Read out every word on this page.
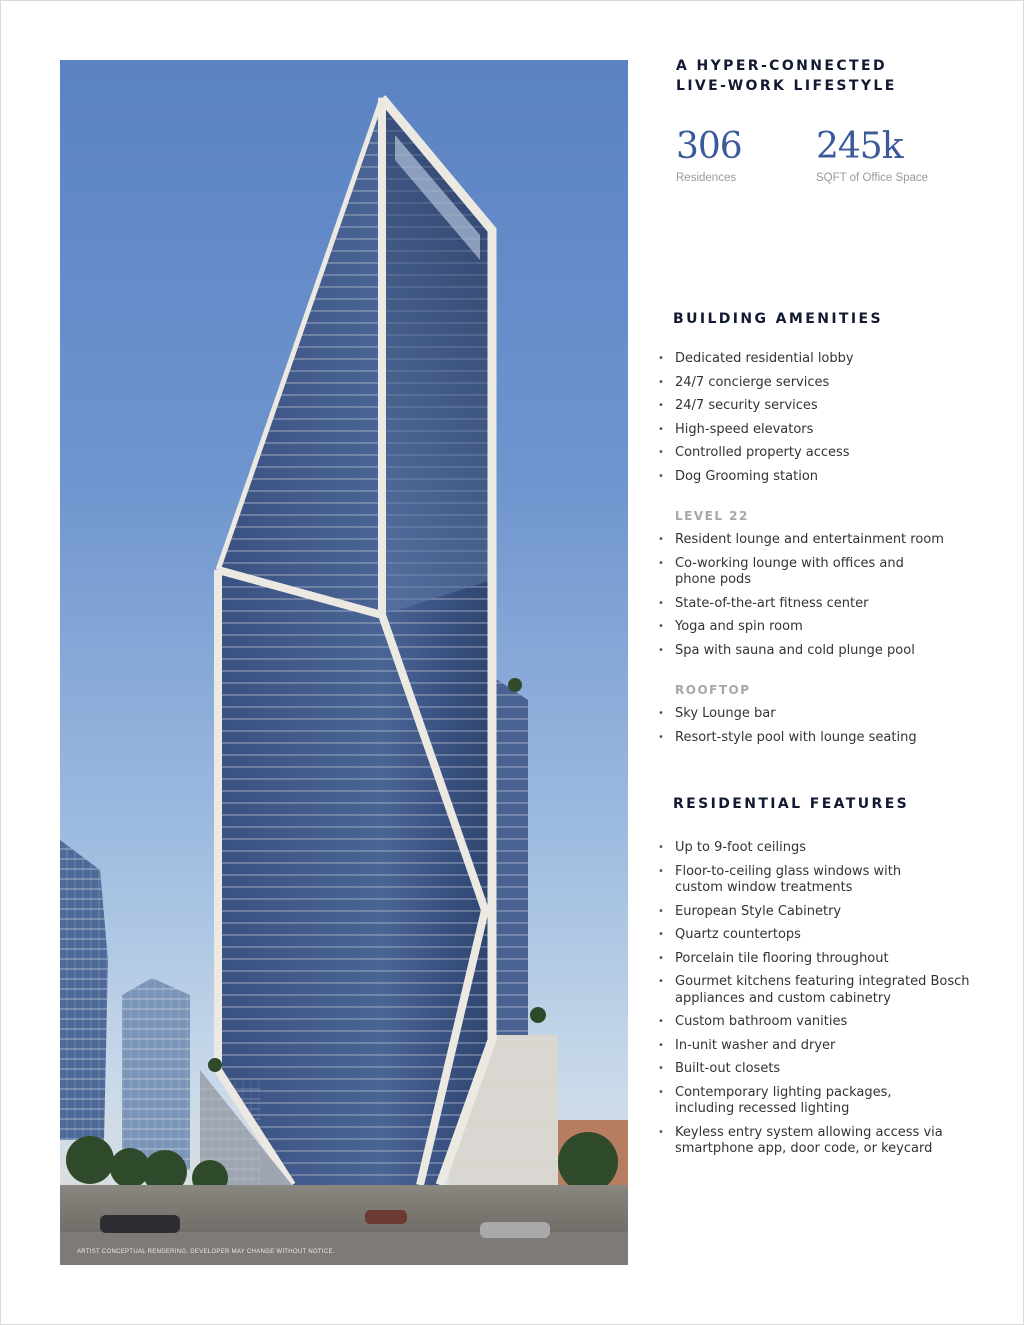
ARTIST CONCEPTUAL RENDERING. DEVELOPER MAY CHANGE WITHOUT NOTICE.
A HYPER-CONNECTED
LIVE-WORK LIFESTYLE
306
Residences
245k
SQFT of Office Space
BUILDING AMENITIES
• Dedicated residential lobby
• 24/7 concierge services
• 24/7 security services
• High-speed elevators
• Controlled property access
• Dog Grooming station
LEVEL 22
• Resident lounge and entertainment room
• Co-working lounge with offices and phone pods
• State-of-the-art fitness center
• Yoga and spin room
• Spa with sauna and cold plunge pool
ROOFTOP
• Sky Lounge bar
• Resort-style pool with lounge seating
RESIDENTIAL FEATURES
• Up to 9-foot ceilings
• Floor-to-ceiling glass windows with custom window treatments
• European Style Cabinetry
• Quartz countertops
• Porcelain tile flooring throughout
• Gourmet kitchens featuring integrated Bosch appliances and custom cabinetry
• Custom bathroom vanities
• In-unit washer and dryer
• Built-out closets
• Contemporary lighting packages, including recessed lighting
• Keyless entry system allowing access via smartphone app, door code, or keycard
